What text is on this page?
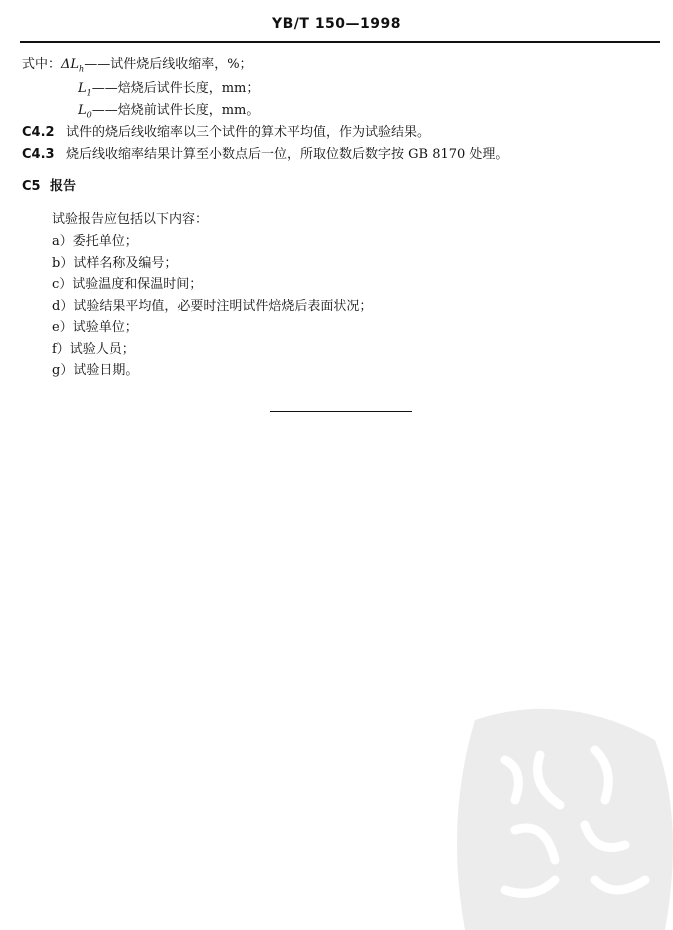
YB/T 150—1998
式中：$\Delta L_h——$试件烧后线收缩率，%；
$L_1——$焙烧后试件长度，mm；
$L_0——$焙烧前试件长度，mm。
C4.2 试件的烧后线收缩率以三个试件的算术平均值，作为试验结果。
C4.3 烧后线收缩率结果计算至小数点后一位，所取位数后数字按 GB 8170 处理。
C5 报告
试验报告应包括以下内容：
a）委托单位；
b）试样名称及编号；
c）试验温度和保温时间；
d）试验结果平均值，必要时注明试件焙烧后表面状况；
e）试验单位；
f）试验人员；
g）试验日期。
